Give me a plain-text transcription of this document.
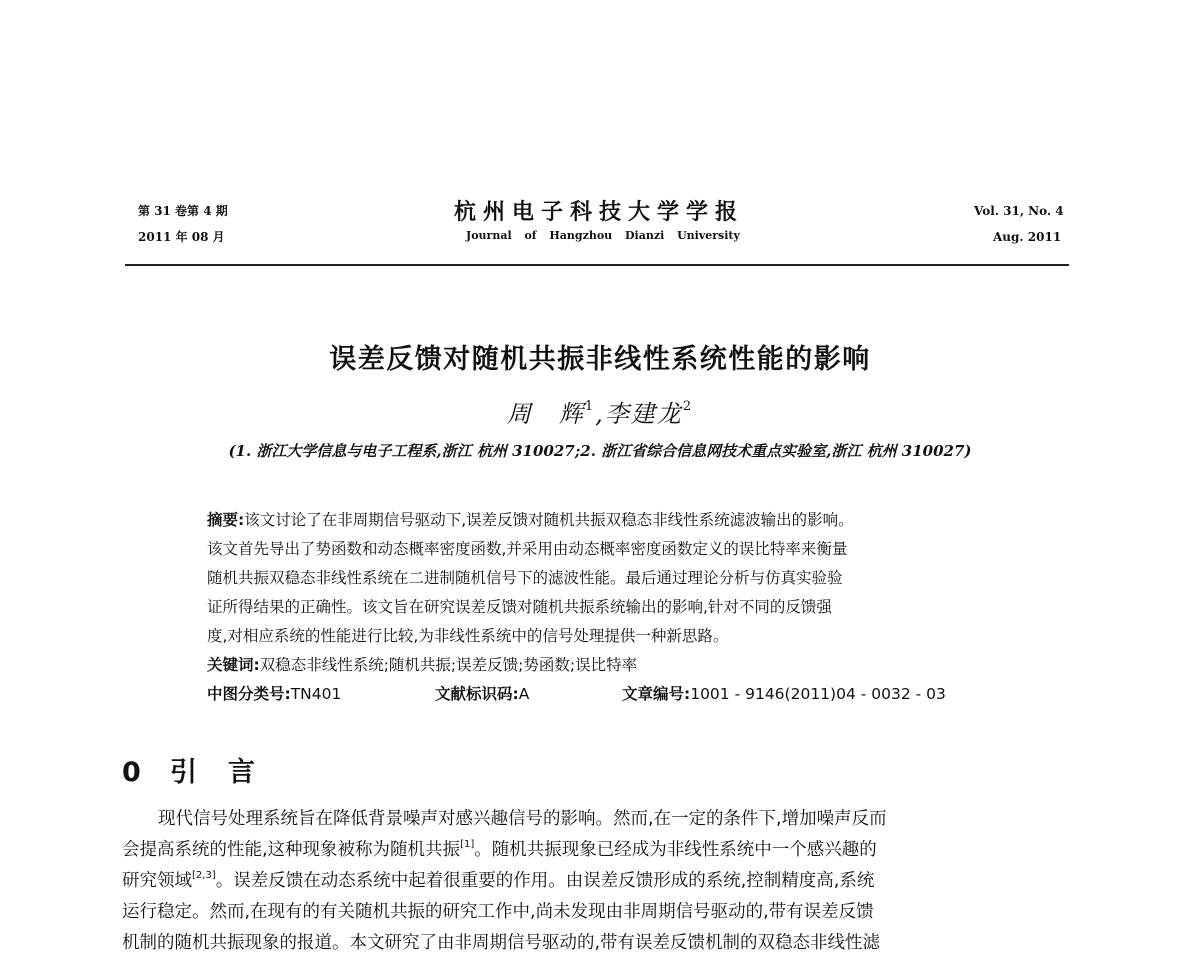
第 31 卷第 4 期
2011 年 08 月
杭州电子科技大学学报
Journal of Hangzhou Dianzi University
Vol. 31, No. 4
Aug. 2011
误差反馈对随机共振非线性系统性能的影响
周 辉$^1$,李建龙$^2$
(1. 浙江大学信息与电子工程系,浙江 杭州 310027;2. 浙江省综合信息网技术重点实验室,浙江 杭州 310027)
摘要:该文讨论了在非周期信号驱动下,误差反馈对随机共振双稳态非线性系统滤波输出的影响。
该文首先导出了势函数和动态概率密度函数,并采用由动态概率密度函数定义的误比特率来衡量
随机共振双稳态非线性系统在二进制随机信号下的滤波性能。最后通过理论分析与仿真实验验
证所得结果的正确性。该文旨在研究误差反馈对随机共振系统输出的影响,针对不同的反馈强
度,对相应系统的性能进行比较,为非线性系统中的信号处理提供一种新思路。
关键词:双稳态非线性系统;随机共振;误差反馈;势函数;误比特率
中图分类号:TN401	文献标识码:A	文章编号:1001 - 9146(2011)04 - 0032 - 03
0 引 言
现代信号处理系统旨在降低背景噪声对感兴趣信号的影响。然而,在一定的条件下,增加噪声反而
会提高系统的性能,这种现象被称为随机共振[1]。随机共振现象已经成为非线性系统中一个感兴趣的
研究领域[2,3]。误差反馈在动态系统中起着很重要的作用。由误差反馈形成的系统,控制精度高,系统
运行稳定。然而,在现有的有关随机共振的研究工作中,尚未发现由非周期信号驱动的,带有误差反馈
机制的随机共振现象的报道。本文研究了由非周期信号驱动的,带有误差反馈机制的双稳态非线性滤
